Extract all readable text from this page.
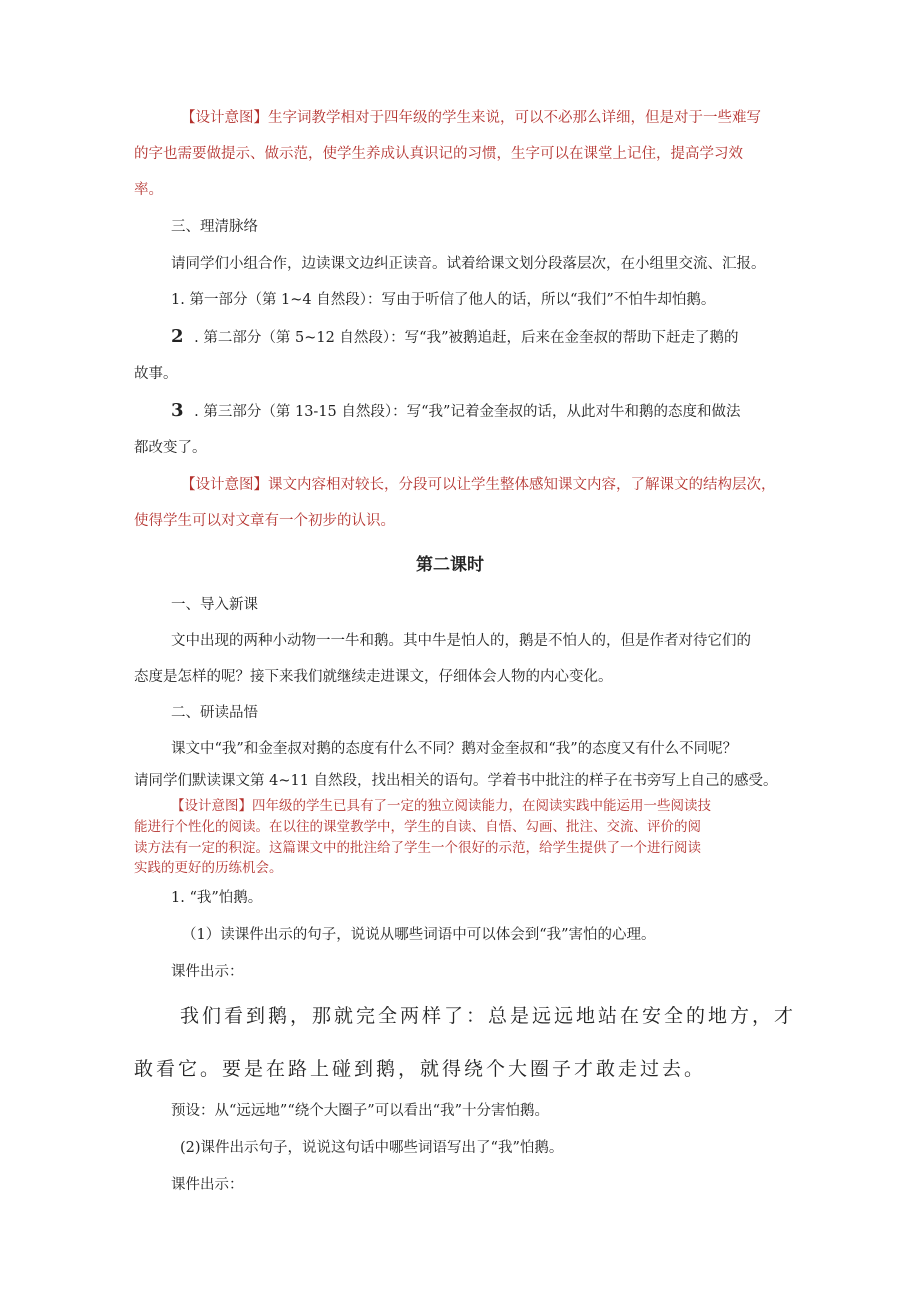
【设计意图】生字词教学相对于四年级的学生来说，可以不必那么详细，但是对于一些难写
的字也需要做提示、做示范，使学生养成认真识记的习惯，生字可以在课堂上记住，提高学习效
率。
三、理清脉络
请同学们小组合作，边读课文边纠正读音。试着给课文划分段落层次，在小组里交流、汇报。
1. 第一部分（第 1~4 自然段）：写由于听信了他人的话，所以“我们”不怕牛却怕鹅。
2 . 第二部分（第 5~12 自然段）：写“我”被鹅追赶，后来在金奎叔的帮助下赶走了鹅的
故事。
3 . 第三部分（第 13-15 自然段）：写“我”记着金奎叔的话，从此对牛和鹅的态度和做法
都改变了。
【设计意图】课文内容相对较长，分段可以让学生整体感知课文内容，了解课文的结构层次，
使得学生可以对文章有一个初步的认识。
第二课时
一、导入新课
文中出现的两种小动物一一牛和鹅。其中牛是怕人的，鹅是不怕人的，但是作者对待它们的
态度是怎样的呢？接下来我们就继续走进课文，仔细体会人物的内心变化。
二、研读品悟
课文中“我”和金奎叔对鹅的态度有什么不同？鹅对金奎叔和“我”的态度又有什么不同呢？
请同学们默读课文第 4~11 自然段，找出相关的语句。学着书中批注的样子在书旁写上自己的感受。
【设计意图】四年级的学生已具有了一定的独立阅读能力，在阅读实践中能运用一些阅读技
能进行个性化的阅读。在以往的课堂教学中，学生的自读、自悟、勾画、批注、交流、评价的阅
读方法有一定的积淀。这篇课文中的批注给了学生一个很好的示范，给学生提供了一个进行阅读
实践的更好的历练机会。
1. “我”怕鹅。
（1）读课件出示的句子，说说从哪些词语中可以体会到“我”害怕的心理。
课件出示：
我们看到鹅，那就完全两样了：总是远远地站在安全的地方，才
敢看它。要是在路上碰到鹅，就得绕个大圈子才敢走过去。
预设：从“远远地”“绕个大圈子”可以看出“我”十分害怕鹅。
(2)课件出示句子，说说这句话中哪些词语写出了“我”怕鹅。
课件出示：
